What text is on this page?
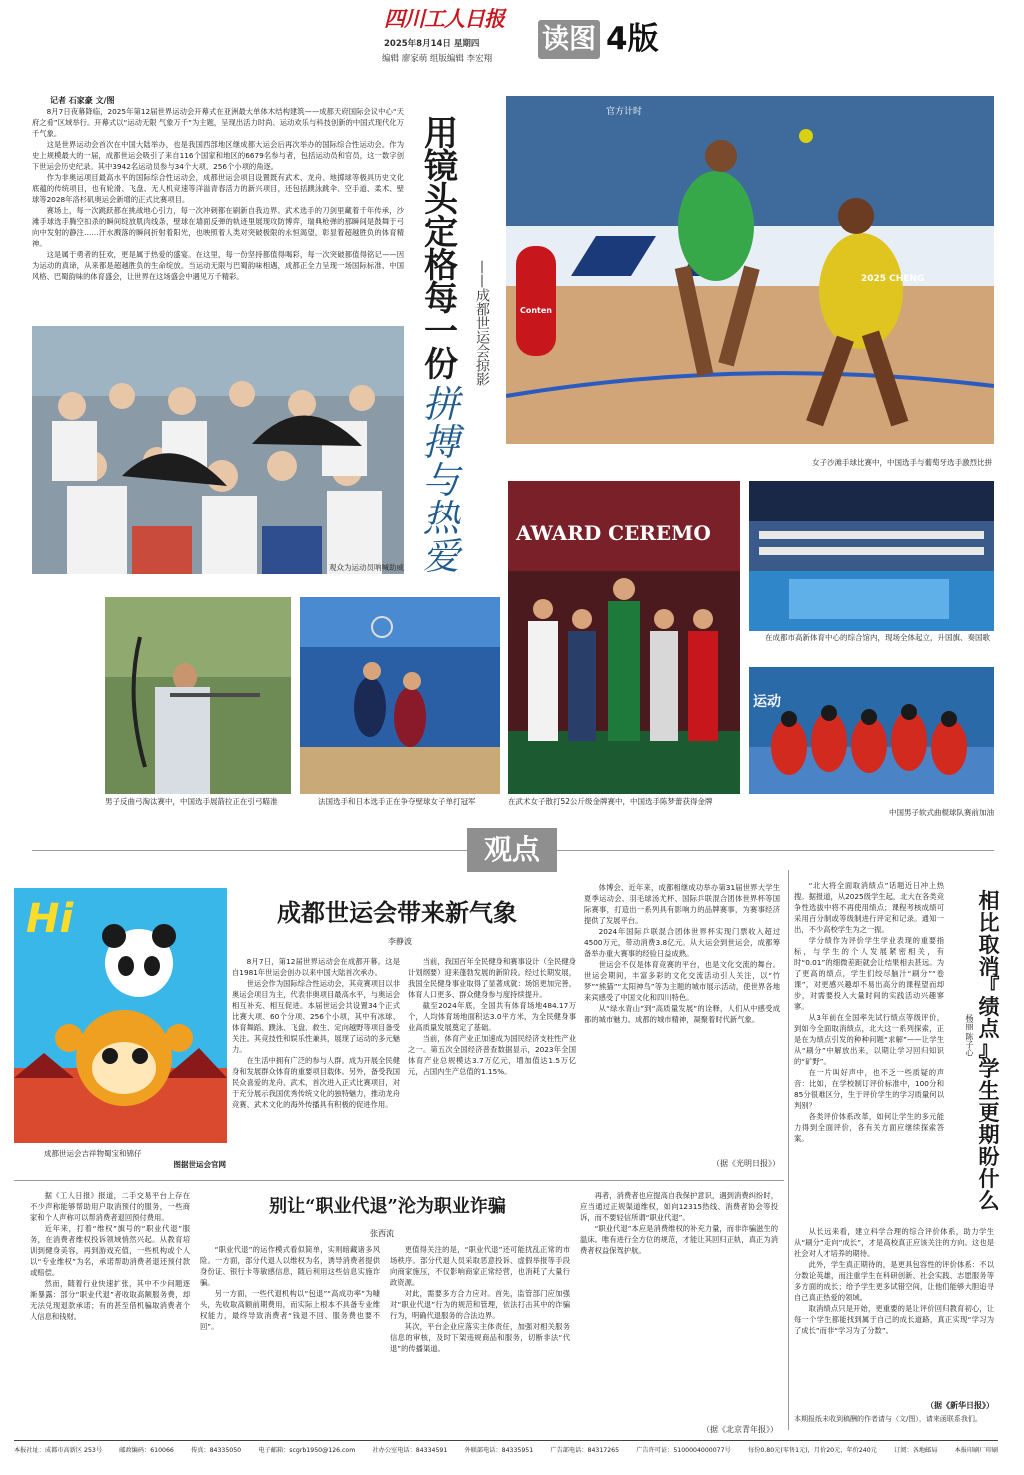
四川工人日报
2025年8月14日 星期四
编辑 廖家萌 组版编辑 李宏翔
读图 4版
记者 石家豪 文/图

8月7日夜幕降临，2025年第12届世界运动会开幕式在亚洲最大单体木结构建筑——成都天府国际会议中心“天府之肴”区域举行。开幕式以“运动无限 气象万千”为主题，呈现出活力时尚、运动欢乐与科技创新的中国式现代化万千气象。

这是世界运动会首次在中国大陆举办，也是我国西部地区继成都大运会后再次举办的国际综合性运动会。作为史上规模最大的一届，成都世运会吸引了来自116个国家和地区的6679名参与者，包括运动员和官员，这一数字创下世运会历史纪录。其中3942名运动员参与34个大项、256个小项的角逐。

作为非奥运项目最高水平的国际综合性运动会，成都世运会项目设置既有武术、龙舟、地掷球等极具历史文化底蕴的传统项目，也有轮滑、飞盘、无人机竞速等洋溢青春活力的新兴项目，还包括蹼泳跳伞、空手道、柔术、壁球等2028年洛杉矶奥运会新增的正式比赛项目。

赛场上，每一次跳跃都在挑战地心引力，每一次冲刺都在刷新自我边界。武术选手的刀剑里藏着千年传承，沙滩手球选手腾空扣杀的瞬间绽放肌肉线条，壁球在墙面反弹的轨迹里展现攻防博弈，瑞典枪弹的那瞬间是鼓舞于弓向中发射的静注……汗水溅落的瞬间折射着阳光，也映照着人类对突破极限的永恒渴望，彰显着超越胜负的体育精神。

这是属于勇者的狂欢，更是属于热爱的盛宴。在这里，每一份坚持都值得喝彩，每一次突破都值得铭记——因为运动的真谛，从来都是超越胜负的生命绽放。当运动无限与巴蜀韵味相遇，成都正全力呈现一场国际标准、中国风格、巴蜀韵味的体育盛会，让世界在这场盛会中遇见万千精彩。

观众为运动员呐喊助威
用
镜
头
定
格
每
一
份
拼
搏
与
热
爱
——成都世运会掠影	2025 CHENG
官方计时
Conten
女子沙滩手球比赛中，中国选手与葡萄牙选手激烈比拼
男子反曲弓淘汰赛中，中国选手展箭拉正在引弓瞄准	法国选手和日本选手正在争夺壁球女子单打冠军
AWARD CEREMO
在武术女子散打52公斤级金牌赛中，中国选手陈梦蕾获得金牌
在成都市高新体育中心的综合馆内，现场全体起立，升国旗、奏国歌
运动
中国男子软式曲棍球队赛前加油
观点
Hi
成都世运会吉祥物蜀宝和锦仔
图据世运会官网
成都世运会带来新气象
李静波

8月7日，第12届世界运动会在成都开幕。这是自1981年世运会创办以来中国大陆首次承办。

世运会作为国际综合性运动会，其竞赛项目以非奥运会项目为主，代表非奥项目最高水平，与奥运会相互补充、相互促进。本届世运会共设置34个正式比赛大项、60个分项、256个小项，其中有冰球、体育舞蹈、蹼泳、飞盘、救生、定向越野等项目备受关注。其竞技性和娱乐性兼具，展现了运动的多元魅力。

在生活中拥有广泛的参与人群。成为开展全民健身和发展群众体育的重要项目载体。另外，备受我国民众喜爱的龙舟、武术，首次进入正式比赛项目，对于充分展示我国优秀传统文化的独特魅力，推动龙舟竞赛、武术文化的海外传播具有积极的促进作用。

当前，我国百年全民健身和赛事设计（全民健身计划纲要）迎来蓬勃发展的新阶段。经过长期发展，我国全民健身事业取得了显著成就：场馆更加完善，体育人口更多、群众健身参与度持续提升。

截至2024年底，全国共有体育场地484.17万个，人均体育场地面积达3.0平方米，为全民健身事业高质量发展奠定了基础。

当前，体育产业正加速成为国民经济支柱性产业之一。第五次全国经济普查数据显示，2023年全国体育产业总规模达3.7万亿元，增加值达1.5万亿元，占国内生产总值的1.15%。

体博会、近年来，成都相继成功举办第31届世界大学生夏季运动会、羽毛球汤尤杯、国际乒联混合团体世界杯等国际赛事，打造出一系列具有影响力的品牌赛事，为赛事经济提供了发展平台。

2024年国际乒联混合团体世界杯实现门票收入超过4500万元，带动消费3.8亿元。从大运会到世运会，成都筹备举办重大赛事的经验日益成熟。

世运会不仅是体育竞赛的平台，也是文化交流的舞台。世运会期间，丰富多彩的文化交流活动引人关注，以“竹梦”“熊猫”“太阳神鸟”等为主题的城市展示活动，使世界各地来宾感受了中国文化和四川特色。

从“绿水青山”到“高质量发展”的诠释，人们从中感受成都的城市魅力。成都的城市精神，凝聚着时代新气象。

（据《光明日报》）

“北大将全面取消绩点”话题近日冲上热搜。据报道，从2025级学生起，北大在各类竞争性选拔中将不再使用绩点；课程考核成绩可采用百分制或等级制进行评定和记录。通知一出，不少高校学生为之一振。

学分绩作为评价学生学业表现的重要指标，与学生的个人发展紧密相关，有时“0.01”的细微差距就会让结果相去甚远。为了更高的绩点，学生们绞尽脑汁“刷分”“卷课”，对更感兴趣却不易出高分的课程望而却步，对需要投入大量时间的实践活动兴趣寥寥。

从3年前在全国率先试行绩点等级评价，到如今全面取消绩点，北大这一系列探索，正是在为绩点引发的种种问题“求解”——让学生从“刷分”中解放出来，以期让学习回归知识的“矿野”。

在一片叫好声中，也不乏一些质疑的声音：比如，在学校制订评价标准中，100分和85分很难区分，生于评价学生的学习质量何以判别？

各类评价体系改革，如何让学生的多元能力得到全面评价，各有关方面应继续探索答案。

杨丽 陈子心
相
比
取
消
『
绩
点
』
学
生
更
期
盼
什
么

从长远来看，建立科学合理的综合评价体系，助力学生从“刷分”走向“成长”，才是高校真正应该关注的方向。这也是社会对人才培养的期待。

此外，学生真正期待的，是更具包容性的评价体系：不以分数论英雄，而注重学生在科研创新、社会实践、志愿服务等多方面的成长；给予学生更多试错空间，让他们能够大胆追寻自己真正热爱的领域。

取消绩点只是开始，更重要的是让评价回归教育初心，让每一个学生都能找到属于自己的成长道路，真正实现“学习为了成长”而非“学习为了分数”。

（据《新华日报》）
本期报纸未收到稿酬的作者请与（文/图），请来函联系我们。

据《工人日报》报道，二手交易平台上存在不少声称能够帮助用户取消预付的服务，一些商家和个人声称可以帮消费者退回预付费用。

近年来，打着“维权”旗号的“职业代退”服务，在消费者维权投诉领域悄然兴起。从教育培训到健身美容，再到游戏充值，一些机构或个人以“专业维权”为名，承诺帮助消费者退还预付款或赔偿。

然而，随着行业快速扩张，其中不少问题逐渐暴露：部分“职业代退”者收取高额服务费，却无法兑现退款承诺；有的甚至借机骗取消费者个人信息和钱财。

别让“职业代退”沦为职业诈骗
张西流

“职业代退”的运作模式看似简单，实则暗藏诸多风险。一方面，部分代退人以维权为名，诱导消费者提供身份证、银行卡等敏感信息，随后利用这些信息实施诈骗。

另一方面，一些代退机构以“包退”“高成功率”为噱头，先收取高额前期费用，而实际上根本不具备专业维权能力，最终导致消费者“钱退不回、服务费也要不回”。

更值得关注的是，“职业代退”还可能扰乱正常的市场秩序。部分代退人员采取恶意投诉、虚假举报等手段向商家施压，不仅影响商家正常经营，也消耗了大量行政资源。

对此，需要多方合力应对。首先，监管部门应加强对“职业代退”行为的规范和管理，依法打击其中的诈骗行为，明确代退服务的合法边界。

其次，平台企业应落实主体责任，加强对相关服务信息的审核，及时下架违规商品和服务，切断非法“代退”的传播渠道。

再者，消费者也应提高自我保护意识，遇到消费纠纷时，应当通过正规渠道维权，如向12315热线、消费者协会等投诉，而不要轻信所谓“职业代退”。

“职业代退”本应是消费维权的补充力量，而非诈骗滋生的温床。唯有进行全方位的规范，才能让其回归正轨，真正为消费者权益保驾护航。

（据《北京青年报》）
本报社址：成都市高新区 253号	邮政编码：610066	传真：84335050	电子邮箱：scgrb1950@126.com	社办公室电话：84334591	外联部电话：84335951	广告部电话：84317265	广告许可证：5100004000077号	每份0.80元(零售1元)，月价20元，年价240元	订阅：各地邮局	本报印刷厂印刷
